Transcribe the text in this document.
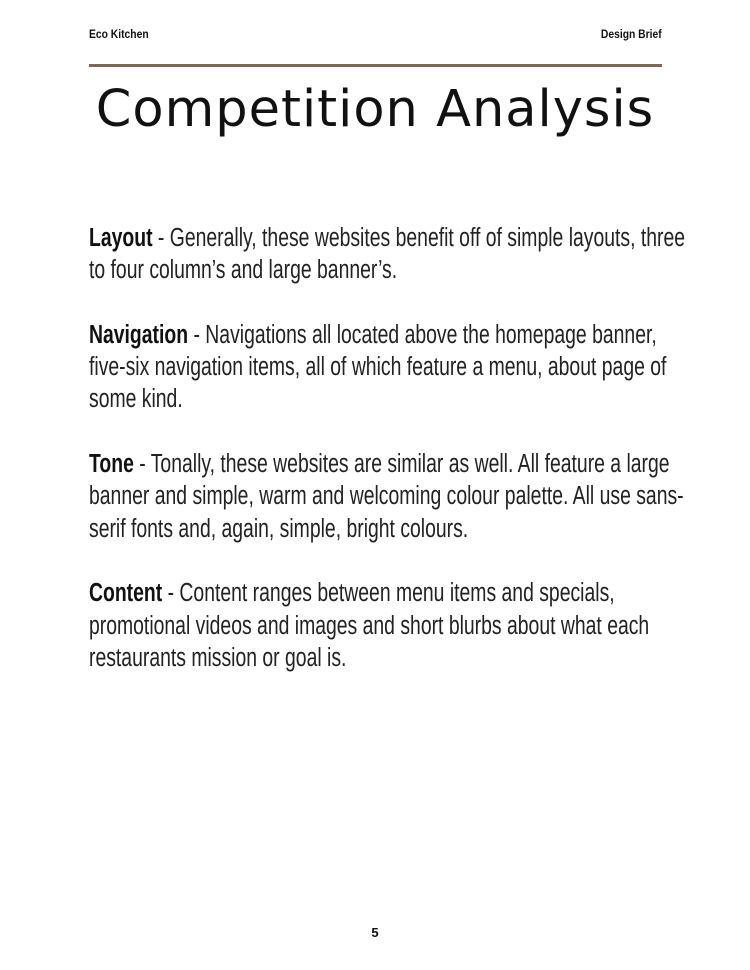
Eco Kitchen	Design Brief
Competition Analysis

Layout - Generally, these websites benefit off of simple layouts, three to four column’s and large banner’s.

Navigation - Navigations all located above the homepage banner, five-six navigation items, all of which feature a menu, about page of some kind.

Tone - Tonally, these websites are similar as well. All feature a large banner and simple, warm and welcoming colour palette. All use sans-serif fonts and, again, simple, bright colours.

Content - Content ranges between menu items and specials, promotional videos and images and short blurbs about what each restaurants mission or goal is.

5
